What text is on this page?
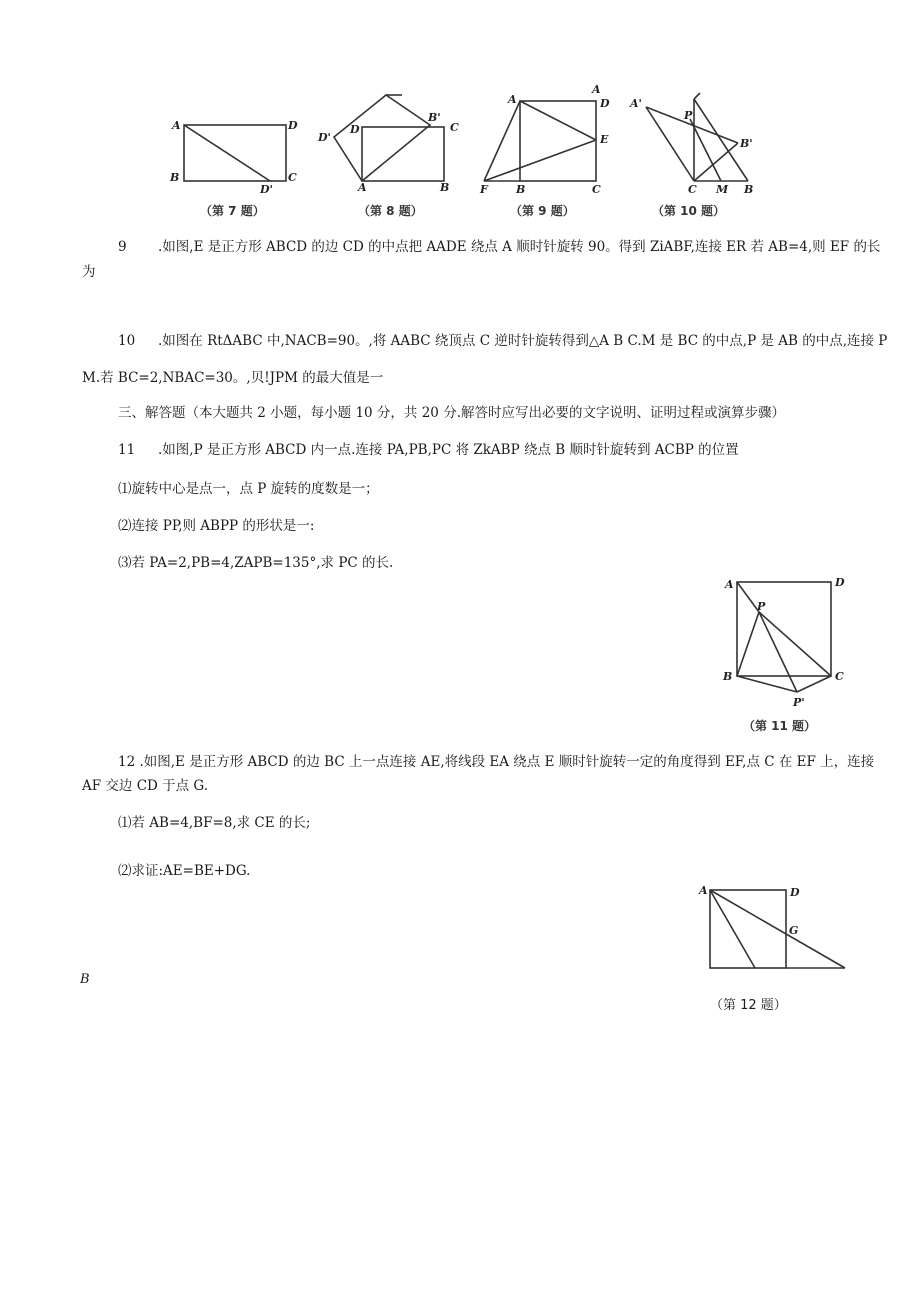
A	D
B
D'
C
（第 7 题）
D'
D
B'
C
A	B
（第 8 题）
A
A
D
E
F	B	C
（第 9 题）
A'
P
B'
C M B
（第 10 题）
9 .如图,E 是正方形 ABCD 的边 CD 的中点把 AADE 绕点 A 顺时针旋转 90。得到 ZiABF,连接 ER 若 AB=4,则 EF 的长
为
10 .如图在 RtΔABC 中,NACB=90。,将 AABC 绕顶点 C 逆时针旋转得到△A B C.M 是 BC 的中点,P 是 AB 的中点,连接 P
M.若 BC=2,NBAC=30。,贝!JPM 的最大值是一
三、解答题（本大题共 2 小题，每小题 10 分，共 20 分.解答时应写出必要的文字说明、证明过程或演算步骤）
11 .如图,P 是正方形 ABCD 内一点.连接 PA,PB,PC 将 ZkABP 绕点 B 顺时针旋转到 ACBP 的位置
⑴旋转中心是点一，点 P 旋转的度数是一；
⑵连接 PP,则 ABPP 的形状是一:
⑶若 PA=2,PB=4,ZAPB=135°,求 PC 的长.
A	D
P
B	C
P'
（第 11 题）
12 .如图,E 是正方形 ABCD 的边 BC 上一点连接 AE,将线段 EA 绕点 E 顺时针旋转一定的角度得到 EF,点 C 在 EF 上，连接
AF 交边 CD 于点 G.
⑴若 AB=4,BF=8,求 CE 的长;
⑵求证:AE=BE+DG.
A	D
G
（第 12 题）
B
